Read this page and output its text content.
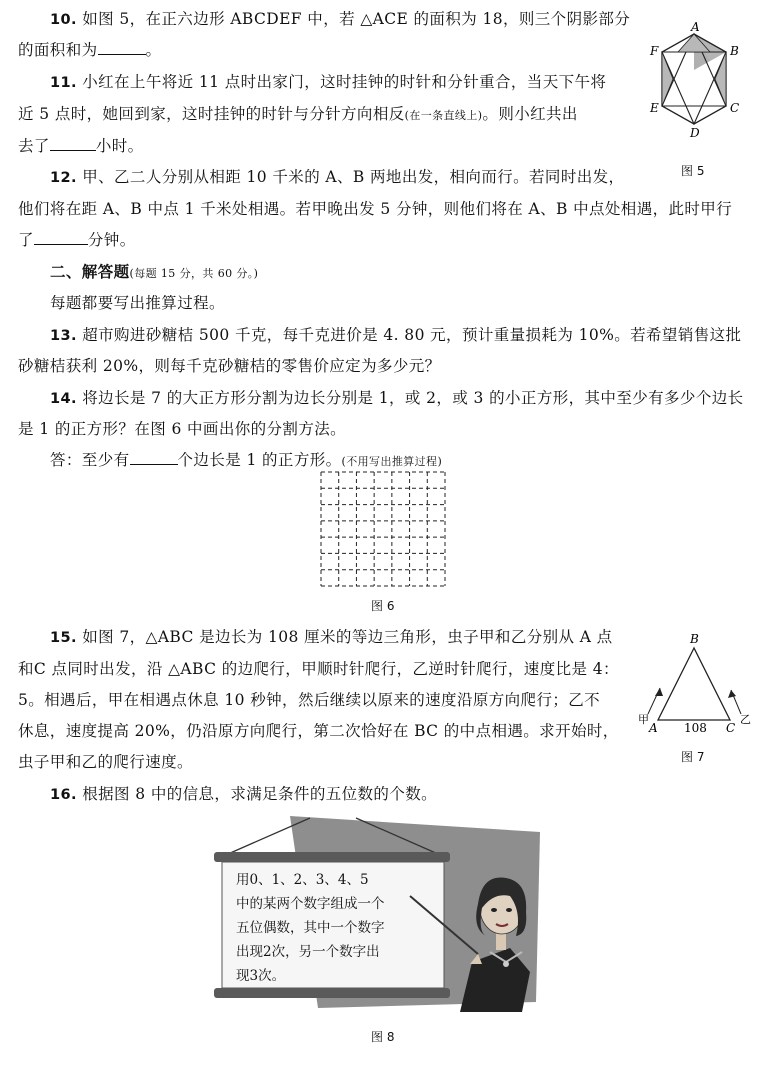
10. 如图 5，在正六边形 ABCDEF 中，若 △ACE 的面积为 18，则三个阴影部分
的面积和为	。
11. 小红在上午将近 11 点时出家门，这时挂钟的时针和分针重合，当天下午将
近 5 点时，她回到家，这时挂钟的时针与分针方向相反(在一条直线上)。则小红共出
去了	小时。
12. 甲、乙二人分别从相距 10 千米的 A、B 两地出发，相向而行。若同时出发，
他们将在距 A、B 中点 1 千米处相遇。若甲晚出发 5 分钟，则他们将在 A、B 中点处相遇，此时甲行
了	分钟。
二、解答题(每题 15 分，共 60 分。)
每题都要写出推算过程。
13. 超市购进砂糖桔 500 千克，每千克进价是 4. 80 元，预计重量损耗为 10%。若希望销售这批
砂糖桔获利 20%，则每千克砂糖桔的零售价应定为多少元？
14. 将边长是 7 的大正方形分割为边长分别是 1，或 2，或 3 的小正方形，其中至少有多少个边长
是 1 的正方形？在图 6 中画出你的分割方法。
答：至少有	个边长是 1 的正方形。(不用写出推算过程)
图 6
15. 如图 7，△ABC 是边长为 108 厘米的等边三角形，虫子甲和乙分别从 A 点
和C 点同时出发，沿 △ABC 的边爬行，甲顺时针爬行，乙逆时针爬行，速度比是 4：
5。相遇后，甲在相遇点休息 10 秒钟，然后继续以原来的速度沿原方向爬行；乙不
休息，速度提高 20%，仍沿原方向爬行，第二次恰好在 BC 的中点相遇。求开始时，
虫子甲和乙的爬行速度。
16. 根据图 8 中的信息，求满足条件的五位数的个数。
A
B
C
D
E
F
图 5
B
A	C
甲	乙
108
图 7
用0、1、2、3、4、5
中的某两个数字组成一个
五位偶数，其中一个数字
出现2次，另一个数字出
现3次。
图 8
